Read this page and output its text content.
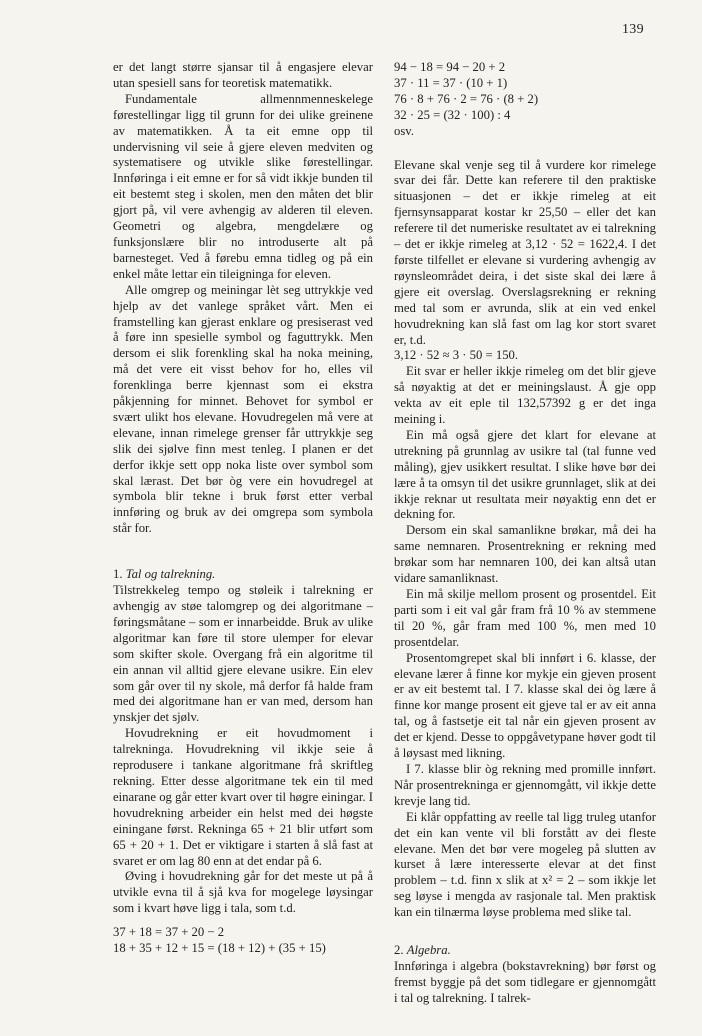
139

er det langt større sjansar til å engasjere elevar utan spesiell sans for teoretisk matematikk.

Fundamentale allmennmenneskelege førestellingar ligg til grunn for dei ulike greinene av matematikken. Å ta eit emne opp til undervisning vil seie å gjere eleven medviten og systematisere og utvikle slike førestellingar. Innføringa i eit emne er for så vidt ikkje bunden til eit bestemt steg i skolen, men den måten det blir gjort på, vil vere avhengig av alderen til eleven. Geometri og algebra, mengdelære og funksjonslære blir no introduserte alt på barnesteget. Ved å førebu emna tidleg og på ein enkel måte lettar ein tileigninga for eleven.

Alle omgrep og meiningar lèt seg uttrykkje ved hjelp av det vanlege språket vårt. Men ei framstelling kan gjerast enklare og presiserast ved å føre inn spesielle symbol og faguttrykk. Men dersom ei slik forenkling skal ha noka meining, må det vere eit visst behov for ho, elles vil forenklinga berre kjennast som ei ekstra påkjenning for minnet. Behovet for symbol er svært ulikt hos elevane. Hovudregelen må vere at elevane, innan rimelege grenser får uttrykkje seg slik dei sjølve finn mest tenleg. I planen er det derfor ikkje sett opp noka liste over symbol som skal lærast. Det bør òg vere ein hovudregel at symbola blir tekne i bruk først etter verbal innføring og bruk av dei omgrepa som symbola står for.

1. Tal og talrekning.

Tilstrekkeleg tempo og støleik i talrekning er avhengig av støe talomgrep og dei algoritmane – føringsmåtane – som er innarbeidde. Bruk av ulike algoritmar kan føre til store ulemper for elevar som skifter skole. Overgang frå ein algoritme til ein annan vil alltid gjere elevane usikre. Ein elev som går over til ny skole, må derfor få halde fram med dei algoritmane han er van med, dersom han ynskjer det sjølv.

Hovudrekning er eit hovudmoment i talrekninga. Hovudrekning vil ikkje seie å reprodusere i tankane algoritmane frå skriftleg rekning. Etter desse algoritmane tek ein til med einarane og går etter kvart over til høgre einingar. I hovudrekning arbeider ein helst med dei høgste einingane først. Rekninga 65 + 21 blir utført som 65 + 20 + 1. Det er viktigare i starten å slå fast at svaret er om lag 80 enn at det endar på 6.

Øving i hovudrekning går for det meste ut på å utvikle evna til å sjå kva for mogelege løysingar som i kvart høve ligg i tala, som t.d.

37 + 18 = 37 + 20 − 2

18 + 35 + 12 + 15 = (18 + 12) + (35 + 15)

94 − 18 = 94 − 20 + 2

37 · 11 = 37 · (10 + 1)

76 · 8 + 76 · 2 = 76 · (8 + 2)

32 · 25 = (32 · 100) : 4

osv.

Elevane skal venje seg til å vurdere kor rimelege svar dei får. Dette kan referere til den praktiske situasjonen – det er ikkje rimeleg at eit fjernsynsapparat kostar kr 25,50 – eller det kan referere til det numeriske resultatet av ei talrekning – det er ikkje rimeleg at 3,12 · 52 = 1622,4. I det første tilfellet er elevane si vurdering avhengig av røynsleområdet deira, i det siste skal dei lære å gjere eit overslag. Overslagsrekning er rekning med tal som er avrunda, slik at ein ved enkel hovudrekning kan slå fast om lag kor stort svaret er, t.d.

3,12 · 52 ≈ 3 · 50 = 150.

Eit svar er heller ikkje rimeleg om det blir gjeve så nøyaktig at det er meiningslaust. Å gje opp vekta av eit eple til 132,57392 g er det inga meining i.

Ein må også gjere det klart for elevane at utrekning på grunnlag av usikre tal (tal funne ved måling), gjev usikkert resultat. I slike høve bør dei lære å ta omsyn til det usikre grunnlaget, slik at dei ikkje reknar ut resultata meir nøyaktig enn det er dekning for.

Dersom ein skal samanlikne brøkar, må dei ha same nemnaren. Prosentrekning er rekning med brøkar som har nemnaren 100, dei kan altså utan vidare samanliknast.

Ein må skilje mellom prosent og prosentdel. Eit parti som i eit val går fram frå 10 % av stemmene til 20 %, går fram med 100 %, men med 10 prosentdelar.

Prosentomgrepet skal bli innført i 6. klasse, der elevane lærer å finne kor mykje ein gjeven prosent er av eit bestemt tal. I 7. klasse skal dei òg lære å finne kor mange prosent eit gjeve tal er av eit anna tal, og å fastsetje eit tal når ein gjeven prosent av det er kjend. Desse to oppgåvetypane høver godt til å løysast med likning.

I 7. klasse blir òg rekning med promille innført. Når prosentrekninga er gjennomgått, vil ikkje dette krevje lang tid.

Ei klår oppfatting av reelle tal ligg truleg utanfor det ein kan vente vil bli forstått av dei fleste elevane. Men det bør vere mogeleg på slutten av kurset å lære interesserte elevar at det finst problem – t.d. finn x slik at x² = 2 – som ikkje let seg løyse i mengda av rasjonale tal. Men praktisk kan ein tilnærma løyse problema med slike tal.

2. Algebra.

Innføringa i algebra (bokstavrekning) bør først og fremst byggje på det som tidlegare er gjennomgått i tal og talrekning. I talrek-
